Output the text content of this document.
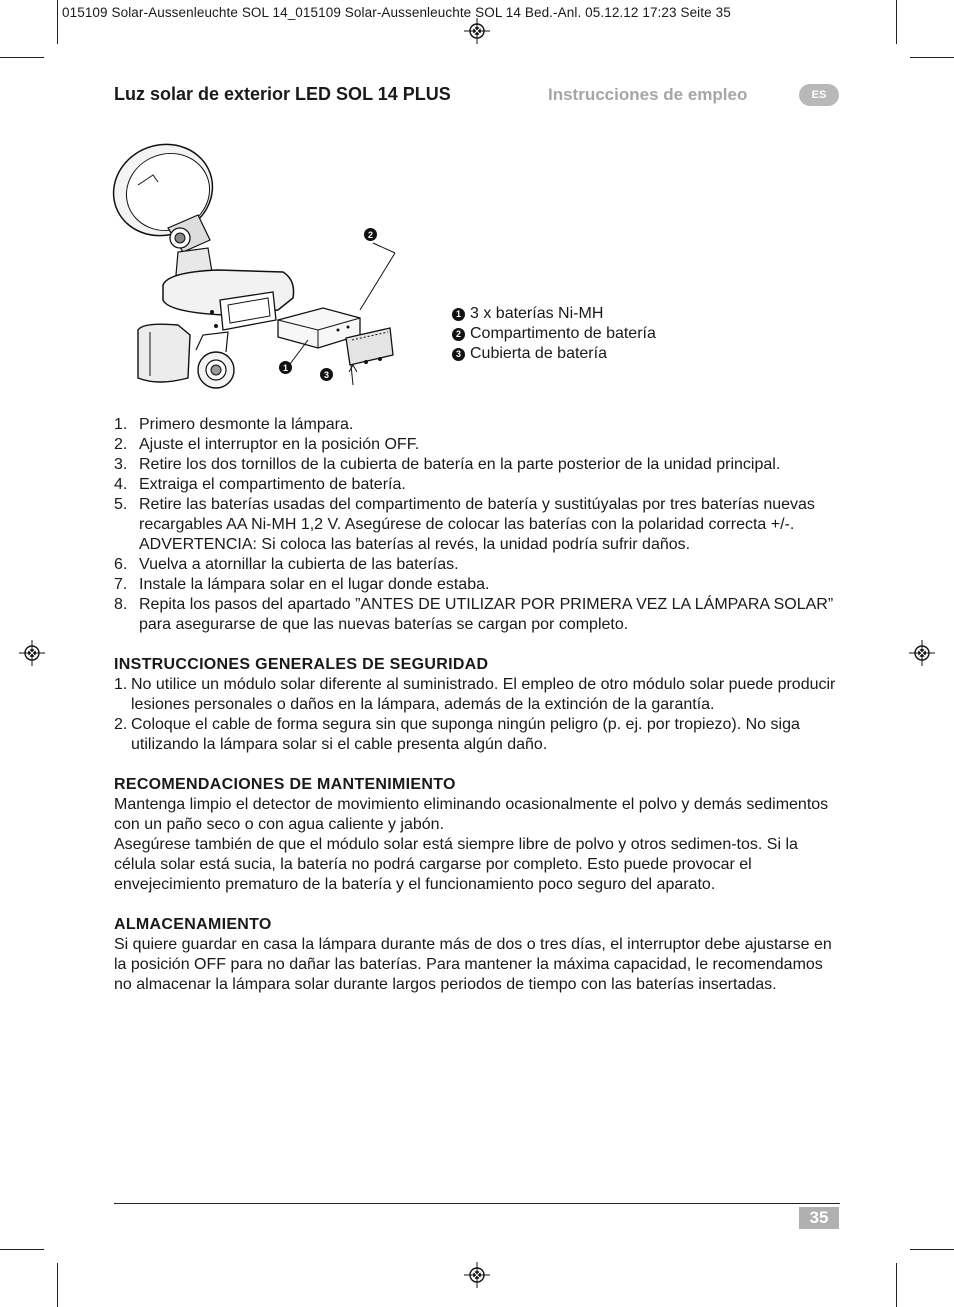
015109 Solar-Aussenleuchte SOL 14_015109 Solar-Aussenleuchte SOL 14 Bed.-Anl. 05.12.12 17:23 Seite 35
Luz solar de exterior LED SOL 14 PLUS	Instrucciones de empleo	ES
1
2
3
1 3 x baterías Ni-MH
2 Compartimento de batería
3 Cubierta de batería
1. Primero desmonte la lámpara.
2. Ajuste el interruptor en la posición OFF.
3. Retire los dos tornillos de la cubierta de batería en la parte posterior de la unidad principal.
4. Extraiga el compartimento de batería.
5. Retire las baterías usadas del compartimento de batería y sustitúyalas por tres baterías nuevas recargables AA Ni-MH 1,2 V. Asegúrese de colocar las baterías con la polaridad correcta +/-.
ADVERTENCIA: Si coloca las baterías al revés, la unidad podría sufrir daños.
6. Vuelva a atornillar la cubierta de las baterías.
7. Instale la lámpara solar en el lugar donde estaba.
8. Repita los pasos del apartado ”ANTES DE UTILIZAR POR PRIMERA VEZ LA LÁMPARA SOLAR” para asegurarse de que las nuevas baterías se cargan por completo.
INSTRUCCIONES GENERALES DE SEGURIDAD
1. No utilice un módulo solar diferente al suministrado. El empleo de otro módulo solar puede producir lesiones personales o daños en la lámpara, además de la extinción de la garantía.
2. Coloque el cable de forma segura sin que suponga ningún peligro (p. ej. por tropiezo). No siga utilizando la lámpara solar si el cable presenta algún daño.
RECOMENDACIONES DE MANTENIMIENTO

Mantenga limpio el detector de movimiento eliminando ocasionalmente el polvo y demás sedimentos con un paño seco o con agua caliente y jabón.

Asegúrese también de que el módulo solar está siempre libre de polvo y otros sedimen-tos. Si la célula solar está sucia, la batería no podrá cargarse por completo. Esto puede provocar el envejecimiento prematuro de la batería y el funcionamiento poco seguro del aparato.

ALMACENAMIENTO

Si quiere guardar en casa la lámpara durante más de dos o tres días, el interruptor debe ajustarse en la posición OFF para no dañar las baterías. Para mantener la máxima capacidad, le recomendamos no almacenar la lámpara solar durante largos periodos de tiempo con las baterías insertadas.

35
